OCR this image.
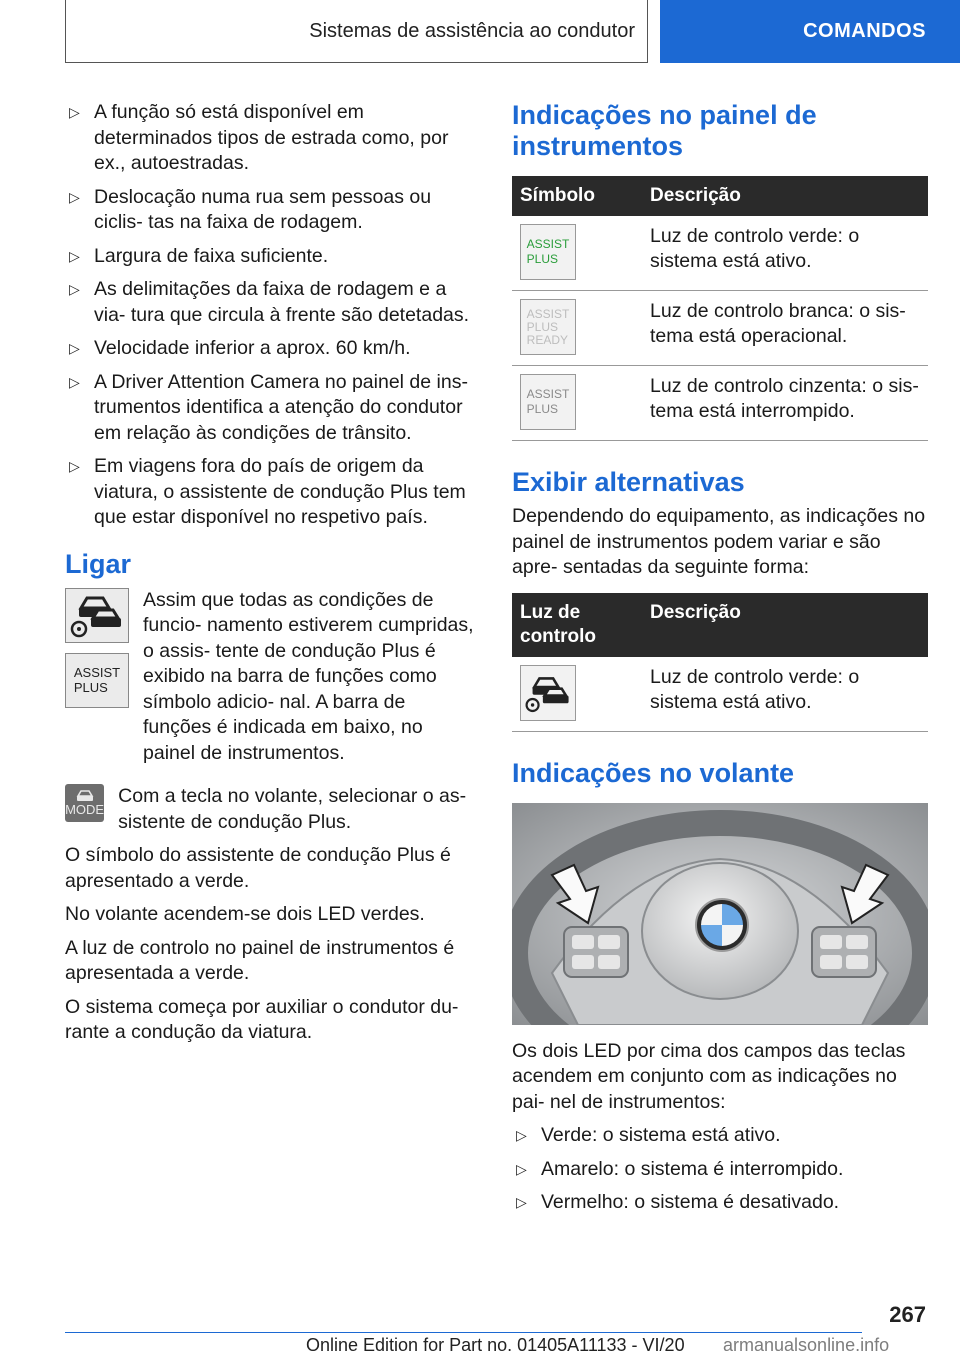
Sistemas de assistência ao condutor	COMANDOS
▷ A função só está disponível em determinados tipos de estrada como, por ex., autoestradas.
▷ Deslocação numa rua sem pessoas ou ciclis- tas na faixa de rodagem.
▷ Largura de faixa suficiente.
▷ As delimitações da faixa de rodagem e a via- tura que circula à frente são detetadas.
▷ Velocidade inferior a aprox. 60 km/h.
▷ A Driver Attention Camera no painel de ins- trumentos identifica a atenção do condutor em relação às condições de trânsito.
▷ Em viagens fora do país de origem da viatura, o assistente de condução Plus tem que estar disponível no respetivo país.
Ligar
ASSIST
PLUS

Assim que todas as condições de funcio- namento estiverem cumpridas, o assis- tente de condução Plus é exibido na barra de funções como símbolo adicio- nal. A barra de funções é indicada em baixo, no painel de instrumentos.

MODE

Com a tecla no volante, selecionar o as- sistente de condução Plus.

O símbolo do assistente de condução Plus é apresentado a verde.

No volante acendem-se dois LED verdes.

A luz de controlo no painel de instrumentos é apresentada a verde.

O sistema começa por auxiliar o condutor du- rante a condução da viatura.

Indicações no painel de instrumentos
Símbolo	Descrição

ASSIST
PLUS	Luz de controlo verde: o sistema está ativo.

ASSIST
PLUS
READY	Luz de controlo branca: o sis- tema está operacional.

ASSIST
PLUS	Luz de controlo cinzenta: o sis- tema está interrompido.
Exibir alternativas

Dependendo do equipamento, as indicações no painel de instrumentos podem variar e são apre- sentadas da seguinte forma:

Luz de controlo	Descrição

	Luz de controlo verde: o sistema está ativo.
Indicações no volante

Os dois LED por cima dos campos das teclas acendem em conjunto com as indicações no pai- nel de instrumentos:

▷ Verde: o sistema está ativo.
▷ Amarelo: o sistema é interrompido.
▷ Vermelho: o sistema é desativado.
267
Online Edition for Part no. 01405A11133 - VI/20 armanualsonline.info
